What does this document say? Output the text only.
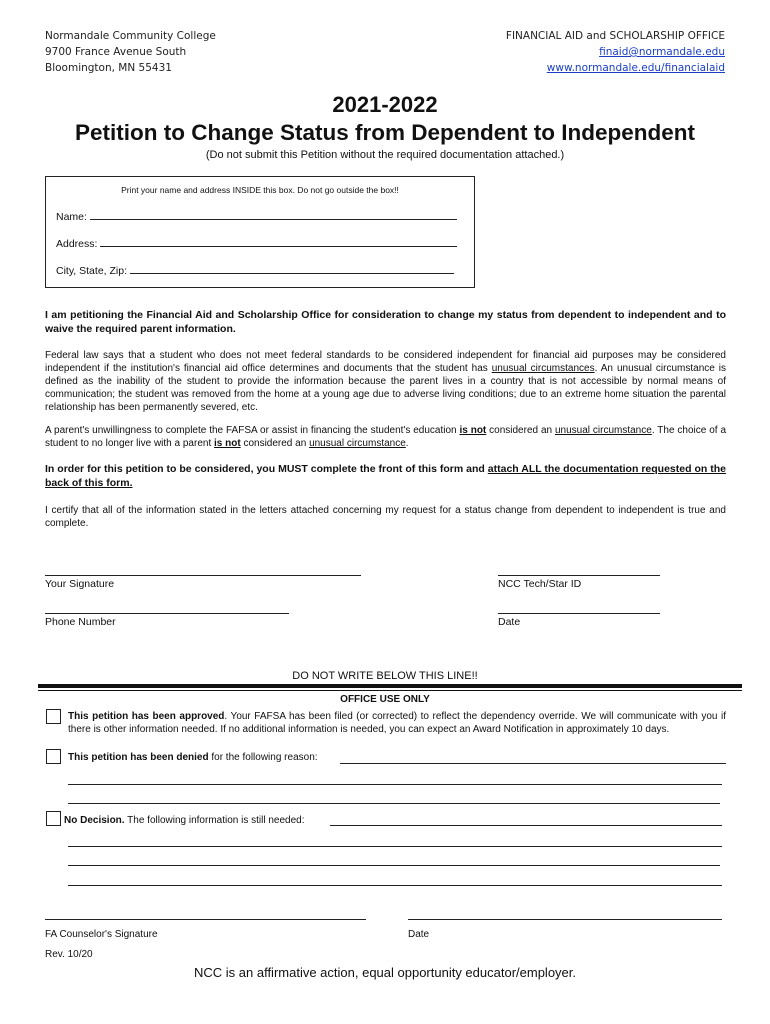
Normandale Community College
9700 France Avenue South
Bloomington, MN 55431
FINANCIAL AID and SCHOLARSHIP OFFICE
finaid@normandale.edu
www.normandale.edu/financialaid
2021-2022
Petition to Change Status from Dependent to Independent
(Do not submit this Petition without the required documentation attached.)
Print your name and address INSIDE this box. Do not go outside the box!!
Name:
Address:
City, State, Zip:
I am petitioning the Financial Aid and Scholarship Office for consideration to change my status from dependent to independent and to waive the required parent information.
Federal law says that a student who does not meet federal standards to be considered independent for financial aid purposes may be considered independent if the institution's financial aid office determines and documents that the student has unusual circumstances. An unusual circumstance is defined as the inability of the student to provide the information because the parent lives in a country that is not accessible by normal means of communication; the student was removed from the home at a young age due to adverse living conditions; due to an extreme home situation the parental relationship has been permanently severed, etc.
A parent's unwillingness to complete the FAFSA or assist in financing the student's education is not considered an unusual circumstance. The choice of a student to no longer live with a parent is not considered an unusual circumstance.
In order for this petition to be considered, you MUST complete the front of this form and attach ALL the documentation requested on the back of this form.
I certify that all of the information stated in the letters attached concerning my request for a status change from dependent to independent is true and complete.
Your Signature	NCC Tech/Star ID
Phone Number	Date
DO NOT WRITE BELOW THIS LINE!!
OFFICE USE ONLY
This petition has been approved. Your FAFSA has been filed (or corrected) to reflect the dependency override. We will communicate with you if there is other information needed. If no additional information is needed, you can expect an Award Notification in approximately 10 days.
This petition has been denied for the following reason:
No Decision. The following information is still needed:
FA Counselor's Signature	Date
Rev. 10/20
NCC is an affirmative action, equal opportunity educator/employer.
